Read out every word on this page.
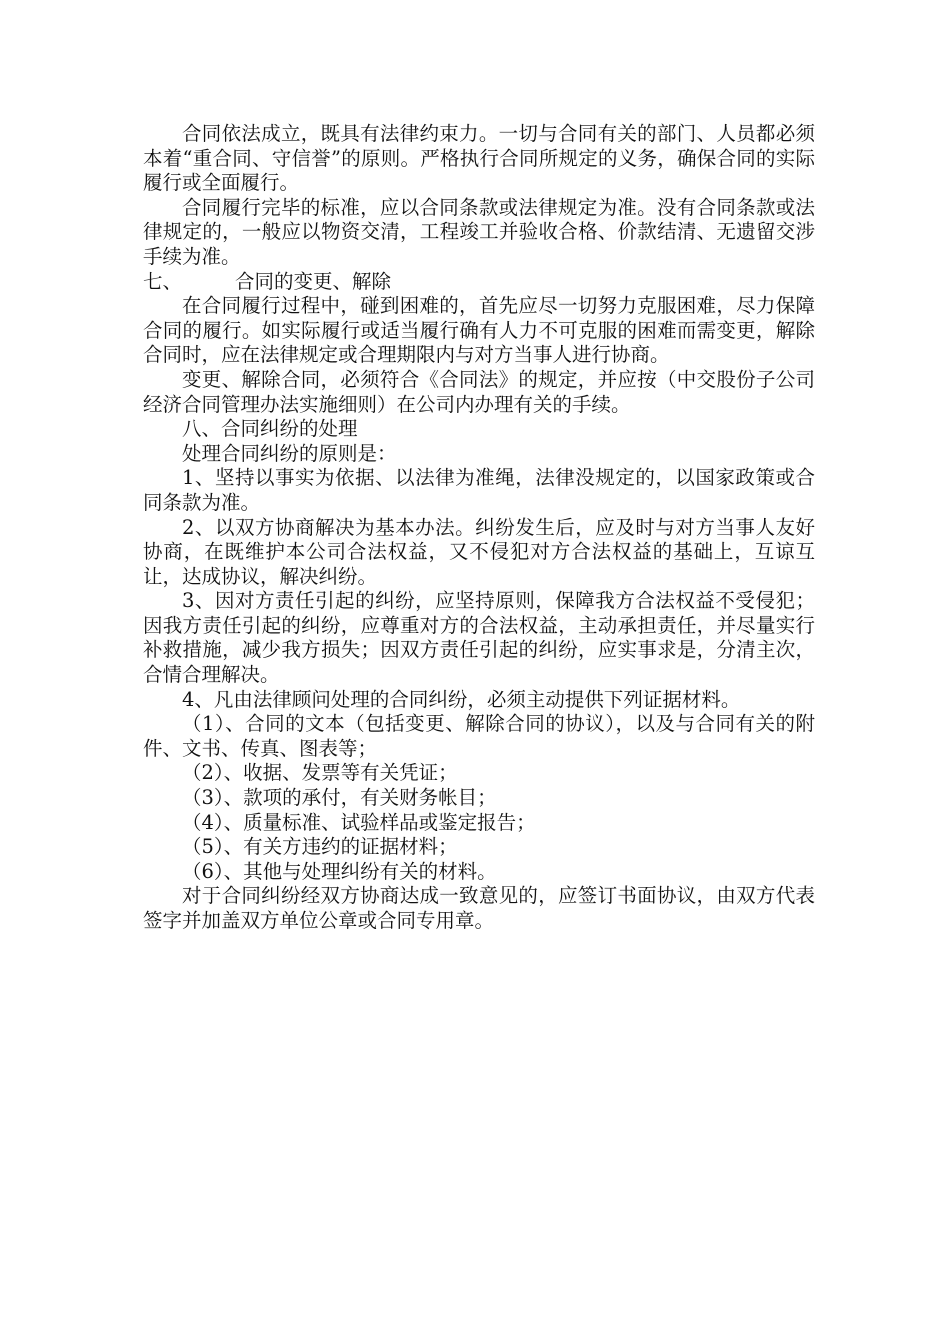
合同依法成立，既具有法律约束力。一切与合同有关的部门、人员都必须本着“重合同、守信誉”的原则。严格执行合同所规定的义务，确保合同的实际履行或全面履行。

合同履行完毕的标准，应以合同条款或法律规定为准。没有合同条款或法律规定的，一般应以物资交清，工程竣工并验收合格、价款结清、无遗留交涉手续为准。

七、	合同的变更、解除

在合同履行过程中，碰到困难的，首先应尽一切努力克服困难，尽力保障合同的履行。如实际履行或适当履行确有人力不可克服的困难而需变更，解除合同时，应在法律规定或合理期限内与对方当事人进行协商。

变更、解除合同，必须符合《合同法》的规定，并应按（中交股份子公司经济合同管理办法实施细则）在公司内办理有关的手续。

八、合同纠纷的处理

处理合同纠纷的原则是：

1、坚持以事实为依据、以法律为准绳，法律没规定的，以国家政策或合同条款为准。

2、以双方协商解决为基本办法。纠纷发生后，应及时与对方当事人友好协商，在既维护本公司合法权益，又不侵犯对方合法权益的基础上，互谅互让，达成协议，解决纠纷。

3、因对方责任引起的纠纷，应坚持原则，保障我方合法权益不受侵犯；因我方责任引起的纠纷，应尊重对方的合法权益，主动承担责任，并尽量实行补救措施，减少我方损失；因双方责任引起的纠纷，应实事求是，分清主次，合情合理解决。

4、凡由法律顾问处理的合同纠纷，必须主动提供下列证据材料。

（1）、合同的文本（包括变更、解除合同的协议），以及与合同有关的附件、文书、传真、图表等；

（2）、收据、发票等有关凭证；

（3）、款项的承付，有关财务帐目；

（4）、质量标准、试验样品或鉴定报告；

（5）、有关方违约的证据材料；

（6）、其他与处理纠纷有关的材料。

对于合同纠纷经双方协商达成一致意见的，应签订书面协议，由双方代表签字并加盖双方单位公章或合同专用章。
